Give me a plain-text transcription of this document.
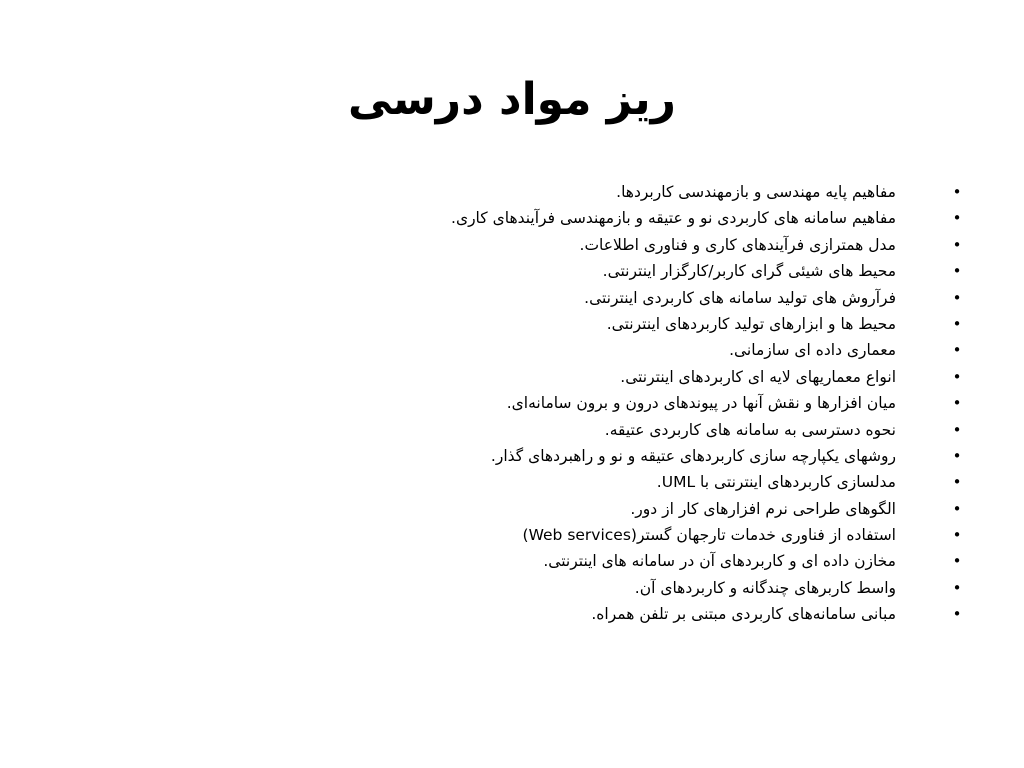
ریز مواد درسی
•
مفاهیم پایه مهندسی و بازمهندسی کاربردها.
•
مفاهیم سامانه های کاربردی نو و عتیقه و بازمهندسی فرآیندهای کاری.
•
مدل همترازی فرآیندهای کاری و فناوری اطلاعات.
•
محیط های شیئی گرای کاربر/کارگزار اینترنتی.
•
فرآروش های تولید سامانه های کاربردی اینترنتی.
•
محیط ها و ابزارهای تولید کاربردهای اینترنتی.
•
معماری داده ای سازمانی.
•
انواع معماریهای لایه ای کاربردهای اینترنتی.
•
میان افزارها و نقش آنها در پیوندهای درون و برون سامانه‌ای.
•
نحوه دسترسی به سامانه های کاربردی عتیقه.
•
روشهای یکپارچه سازی کاربردهای عتیقه و نو و راهبردهای گذار.
•
مدلسازی کاربردهای اینترنتی با UML.
•
الگوهای طراحی نرم افزارهای کار از دور.
•
استفاده از فناوری خدمات تارجهان گستر(Web services)
•
مخازن داده ای و کاربردهای آن در سامانه های اینترنتی.
•
واسط کاربرهای چندگانه و کاربردهای آن.
•
مبانی سامانه‌های کاربردی مبتنی بر تلفن همراه.
